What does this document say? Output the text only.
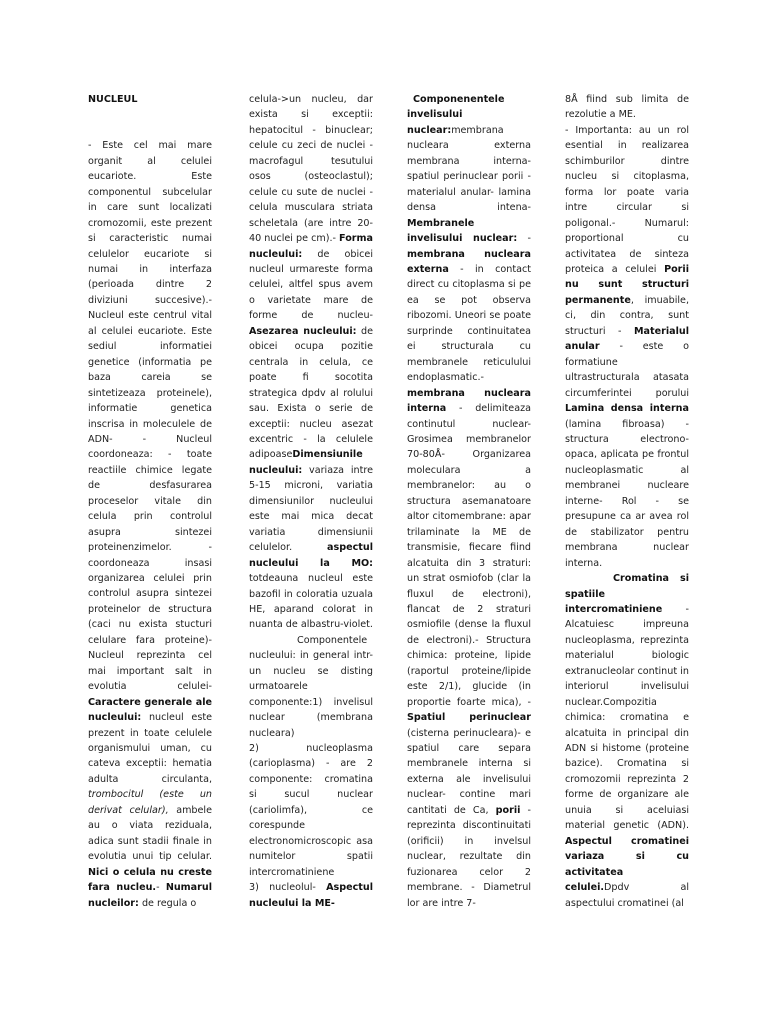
NUCLEUL

- Este cel mai mare organit al celulei eucariote. Este componentul subcelular in care sunt localizati cromozomii, este prezent si caracteristic numai celulelor eucariote si numai in interfaza (perioada dintre 2 diviziuni succesive).- Nucleul este centrul vital al celulei eucariote. Este sediul informatiei genetice (informatia pe baza careia se sintetizeaza proteinele), informatie genetica inscrisa in moleculele de ADN- - Nucleul coordoneaza: - toate reactiile chimice legate de desfasurarea proceselor vitale din celula prin controlul asupra sintezei proteinenzimelor. - coordoneaza insasi organizarea celulei prin controlul asupra sintezei proteinelor de structura (caci nu exista stucturi celulare fara proteine)- Nucleul reprezinta cel mai important salt in evolutia celulei- Caractere generale ale nucleului: nucleul este prezent in toate celulele organismului uman, cu cateva exceptii: hematia adulta circulanta, trombocitul (este un derivat celular), ambele au o viata reziduala, adica sunt stadii finale in evolutia unui tip celular. Nici o celula nu creste fara nucleu.- Numarul nucleilor: de regula o

celula->un nucleu, dar exista si exceptii: hepatocitul - binuclear; celule cu zeci de nuclei - macrofagul tesutului osos (osteoclastul); celule cu sute de nuclei - celula musculara striata scheletala (are intre 20-40 nuclei pe cm).- Forma nucleului: de obicei nucleul urmareste forma celulei, altfel spus avem o varietate mare de forme de nucleu- Asezarea nucleului: de obicei ocupa pozitie centrala in celula, ce poate fi socotita strategica dpdv al rolului sau. Exista o serie de exceptii: nucleu asezat excentric - la celulele adipoaseDimensiunile nucleului: variaza intre 5-15 microni, variatia dimensiunilor nucleului este mai mica decat variatia dimensiunii celulelor. aspectul nucleului la MO: totdeauna nucleul este bazofil in coloratia uzuala HE, aparand colorat in nuanta de albastru-violet.

Componentele nucleului: in general intr-un nucleu se disting urmatoarele componente:1) invelisul nuclear (membrana nucleara)

2) nucleoplasma (carioplasma) - are 2 componente: cromatina si sucul nuclear (cariolimfa), ce corespunde electronomicroscopic asa numitelor spatii intercromatiniene

3) nucleolul- Aspectul nucleului la ME-

Componenentele invelisului nuclear:membrana nucleara externa membrana interna- spatiul perinuclear porii - materialul anular- lamina densa intena- Membranele invelisului nuclear: - membrana nucleara externa - in contact direct cu citoplasma si pe ea se pot observa ribozomi. Uneori se poate surprinde continuitatea ei structurala cu membranele reticulului endoplasmatic.- membrana nucleara interna - delimiteaza continutul nuclear- Grosimea membranelor 70-80Å- Organizarea moleculara a membranelor: au o structura asemanatoare altor citomembrane: apar trilaminate la ME de transmisie, fiecare fiind alcatuita din 3 straturi: un strat osmiofob (clar la fluxul de electroni), flancat de 2 straturi osmiofile (dense la fluxul de electroni).- Structura chimica: proteine, lipide (raportul proteine/lipide este 2/1), glucide (in proportie foarte mica), - Spatiul perinuclear (cisterna perinucleara)- e spatiul care separa membranele interna si externa ale invelisului nuclear- contine mari cantitati de Ca, porii - reprezinta discontinuitati (orificii) in invelsul nuclear, rezultate din fuzionarea celor 2 membrane. - Diametrul lor are intre 7-

8Å fiind sub limita de rezolutie a ME.

- Importanta: au un rol esential in realizarea schimburilor dintre nucleu si citoplasma, forma lor poate varia intre circular si poligonal.- Numarul: proportional cu activitatea de sinteza proteica a celulei Porii nu sunt structuri permanente, imuabile, ci, din contra, sunt structuri - Materialul anular - este o formatiune ultrastructurala atasata circumferintei porului Lamina densa interna (lamina fibroasa) - structura electrono-opaca, aplicata pe frontul nucleoplasmatic al membranei nucleare interne- Rol - se presupune ca ar avea rol de stabilizator pentru membrana nuclear interna.

Cromatina si spatiile intercromatiniene - Alcatuiesc impreuna nucleoplasma, reprezinta materialul biologic extranucleolar continut in interiorul invelisului nuclear.Compozitia chimica: cromatina e alcatuita in principal din ADN si histome (proteine bazice). Cromatina si cromozomii reprezinta 2 forme de organizare ale unuia si aceluiasi material genetic (ADN). Aspectul cromatinei variaza si cu activitatea celulei.Dpdv al aspectului cromatinei (al
